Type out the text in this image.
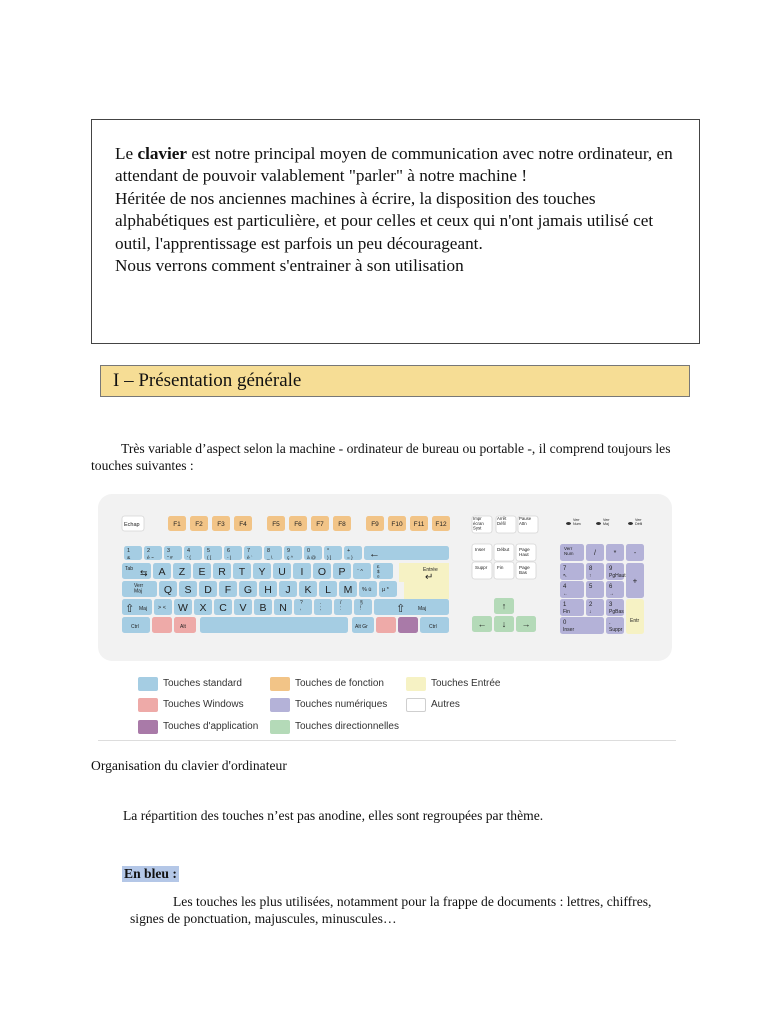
Le clavier est notre principal moyen de communication avec notre ordinateur, en attendant de pouvoir valablement "parler" à notre machine !
Héritée de nos anciennes machines à écrire, la disposition des touches alphabétiques est particulière, et pour celles et ceux qui n'ont jamais utilisé cet outil, l'apprentissage est parfois un peu décourageant.
Nous verrons comment s'entrainer à son utilisation

I – Présentation générale

Très variable d’aspect selon la machine - ordinateur de bureau ou portable -, il comprend toujours les touches suivantes :

Echap	F1 F2 F3 F4	F5 F6 F7 F8	F9 F10 F11 F12
Impr
écran
Syst
Arrêt
Défil
Pause
Attn
Verr
Num
Verr
Maj
Verr
Défil
1
&
2
é ~
3
" #
4
' {
5
( [
6
- |
7
è `
8
_ \
9
ç ^
0
à @
°
) ]
+
= } ←
Tab ⇆ A Z E R T Y U I O P ¨ ^
£
$
¤
Entrée
↵
Verr
Maj Q S D F G H J K L M % ù µ *
⇧ Maj > < W X C V B N	?
,
.
;
/
:
§
!	⇧	Maj
Ctrl	Alt	Alt Gr	Ctrl
Inser	Début Page
Haut
Suppr Fin	Page
Bas
↑
← ↓ →
Verr
Num	/	* -
7
↖
8
↑
9
PgHaut
+
4
←
5	6
→
1
Fin
2
↓
3
PgBas
Entr
0
Inser
.
Suppr
Touches standard	Touches de fonction	Touches Entrée
Touches Windows	Touches numériques	Autres
Touches d'application	Touches directionnelles

Organisation du clavier d'ordinateur

La répartition des touches n’est pas anodine, elles sont regroupées par thème.

En bleu :

Les touches les plus utilisées, notamment pour la frappe de documents : lettres, chiffres, signes de ponctuation, majuscules, minuscules…
